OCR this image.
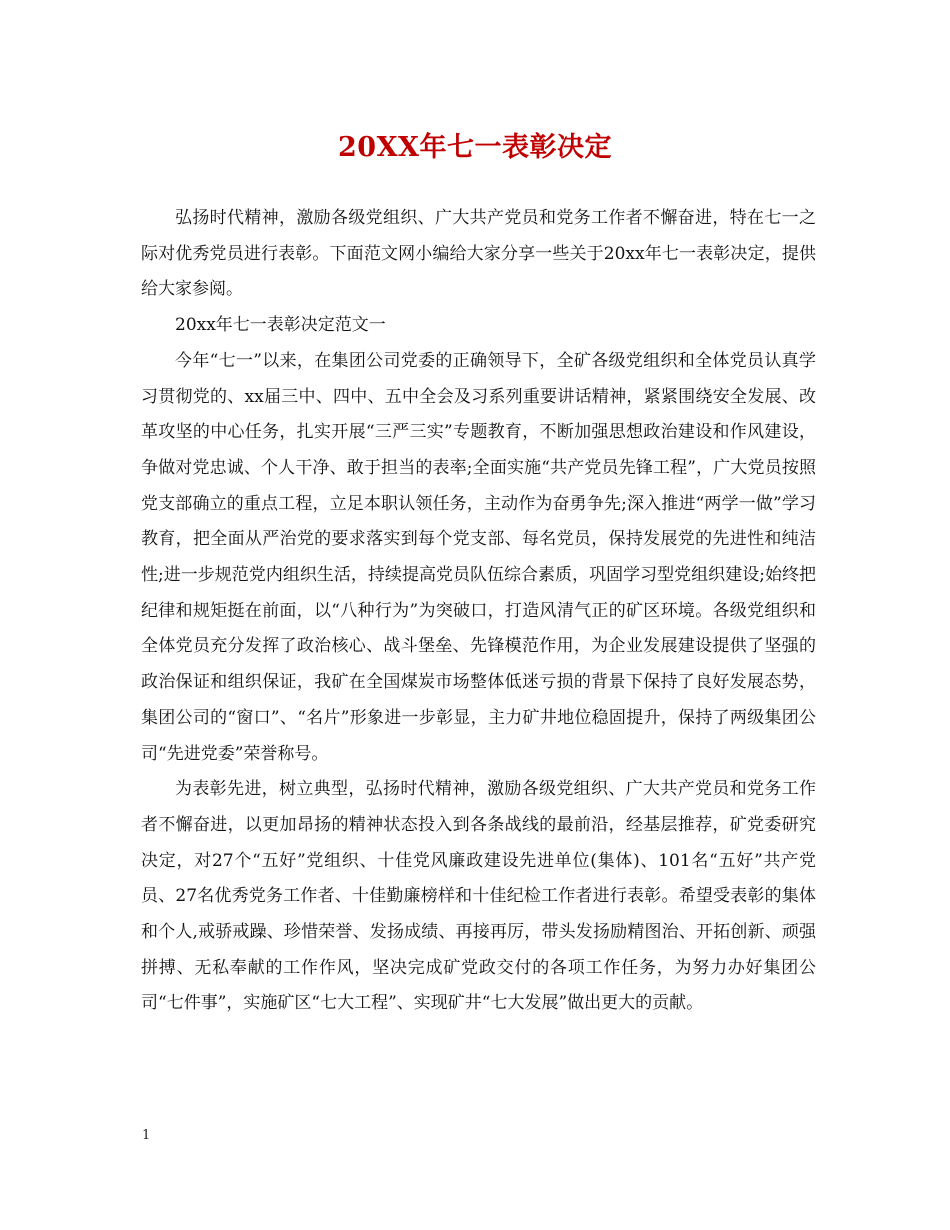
20XX年七一表彰决定

弘扬时代精神，激励各级党组织、广大共产党员和党务工作者不懈奋进，特在七一之际对优秀党员进行表彰。下面范文网小编给大家分享一些关于20xx年七一表彰决定，提供给大家参阅。

20xx年七一表彰决定范文一

今年“七一”以来，在集团公司党委的正确领导下，全矿各级党组织和全体党员认真学习贯彻党的、xx届三中、四中、五中全会及习系列重要讲话精神，紧紧围绕安全发展、改革攻坚的中心任务，扎实开展“三严三实”专题教育，不断加强思想政治建设和作风建设，争做对党忠诚、个人干净、敢于担当的表率;全面实施“共产党员先锋工程”，广大党员按照党支部确立的重点工程，立足本职认领任务，主动作为奋勇争先;深入推进“两学一做”学习教育，把全面从严治党的要求落实到每个党支部、每名党员，保持发展党的先进性和纯洁性;进一步规范党内组织生活，持续提高党员队伍综合素质，巩固学习型党组织建设;始终把纪律和规矩挺在前面，以“八种行为”为突破口，打造风清气正的矿区环境。各级党组织和全体党员充分发挥了政治核心、战斗堡垒、先锋模范作用，为企业发展建设提供了坚强的政治保证和组织保证，我矿在全国煤炭市场整体低迷亏损的背景下保持了良好发展态势，集团公司的“窗口”、“名片”形象进一步彰显，主力矿井地位稳固提升，保持了两级集团公司“先进党委”荣誉称号。

为表彰先进，树立典型，弘扬时代精神，激励各级党组织、广大共产党员和党务工作者不懈奋进，以更加昂扬的精神状态投入到各条战线的最前沿，经基层推荐，矿党委研究决定，对27个“五好”党组织、十佳党风廉政建设先进单位(集体)、101名“五好”共产党员、27名优秀党务工作者、十佳勤廉榜样和十佳纪检工作者进行表彰。希望受表彰的集体和个人,戒骄戒躁、珍惜荣誉、发扬成绩、再接再厉，带头发扬励精图治、开拓创新、顽强拼搏、无私奉献的工作作风，坚决完成矿党政交付的各项工作任务，为努力办好集团公司“七件事”，实施矿区“七大工程”、实现矿井“七大发展”做出更大的贡献。

1
